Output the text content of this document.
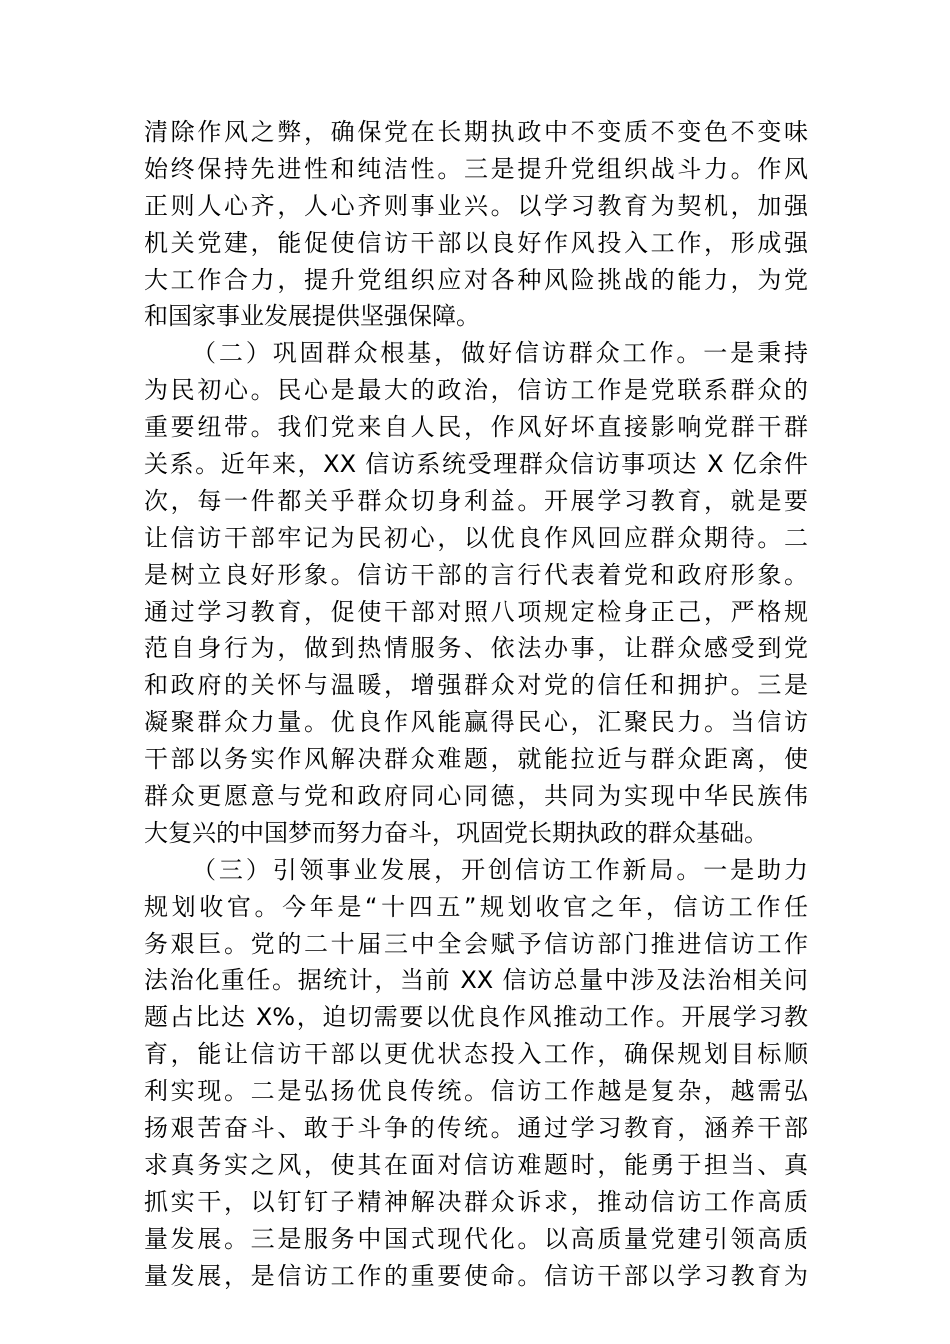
清除作风之弊，确保党在长期执政中不变质不变色不变味
始终保持先进性和纯洁性。三是提升党组织战斗力。作风
正则人心齐，人心齐则事业兴。以学习教育为契机，加强
机关党建，能促使信访干部以良好作风投入工作，形成强
大工作合力，提升党组织应对各种风险挑战的能力，为党
和国家事业发展提供坚强保障。
（二）巩固群众根基，做好信访群众工作。一是秉持
为民初心。民心是最大的政治，信访工作是党联系群众的
重要纽带。我们党来自人民，作风好坏直接影响党群干群
关系。近年来，XX 信访系统受理群众信访事项达 X 亿余件
次，每一件都关乎群众切身利益。开展学习教育，就是要
让信访干部牢记为民初心，以优良作风回应群众期待。二
是树立良好形象。信访干部的言行代表着党和政府形象。
通过学习教育，促使干部对照八项规定检身正己，严格规
范自身行为，做到热情服务、依法办事，让群众感受到党
和政府的关怀与温暖，增强群众对党的信任和拥护。三是
凝聚群众力量。优良作风能赢得民心，汇聚民力。当信访
干部以务实作风解决群众难题，就能拉近与群众距离，使
群众更愿意与党和政府同心同德，共同为实现中华民族伟
大复兴的中国梦而努力奋斗，巩固党长期执政的群众基础。
（三）引领事业发展，开创信访工作新局。一是助力
规划收官。今年是“十四五”规划收官之年，信访工作任
务艰巨。党的二十届三中全会赋予信访部门推进信访工作
法治化重任。据统计，当前 XX 信访总量中涉及法治相关问
题占比达 X%，迫切需要以优良作风推动工作。开展学习教
育，能让信访干部以更优状态投入工作，确保规划目标顺
利实现。二是弘扬优良传统。信访工作越是复杂，越需弘
扬艰苦奋斗、敢于斗争的传统。通过学习教育，涵养干部
求真务实之风，使其在面对信访难题时，能勇于担当、真
抓实干，以钉钉子精神解决群众诉求，推动信访工作高质
量发展。三是服务中国式现代化。以高质量党建引领高质
量发展，是信访工作的重要使命。信访干部以学习教育为
